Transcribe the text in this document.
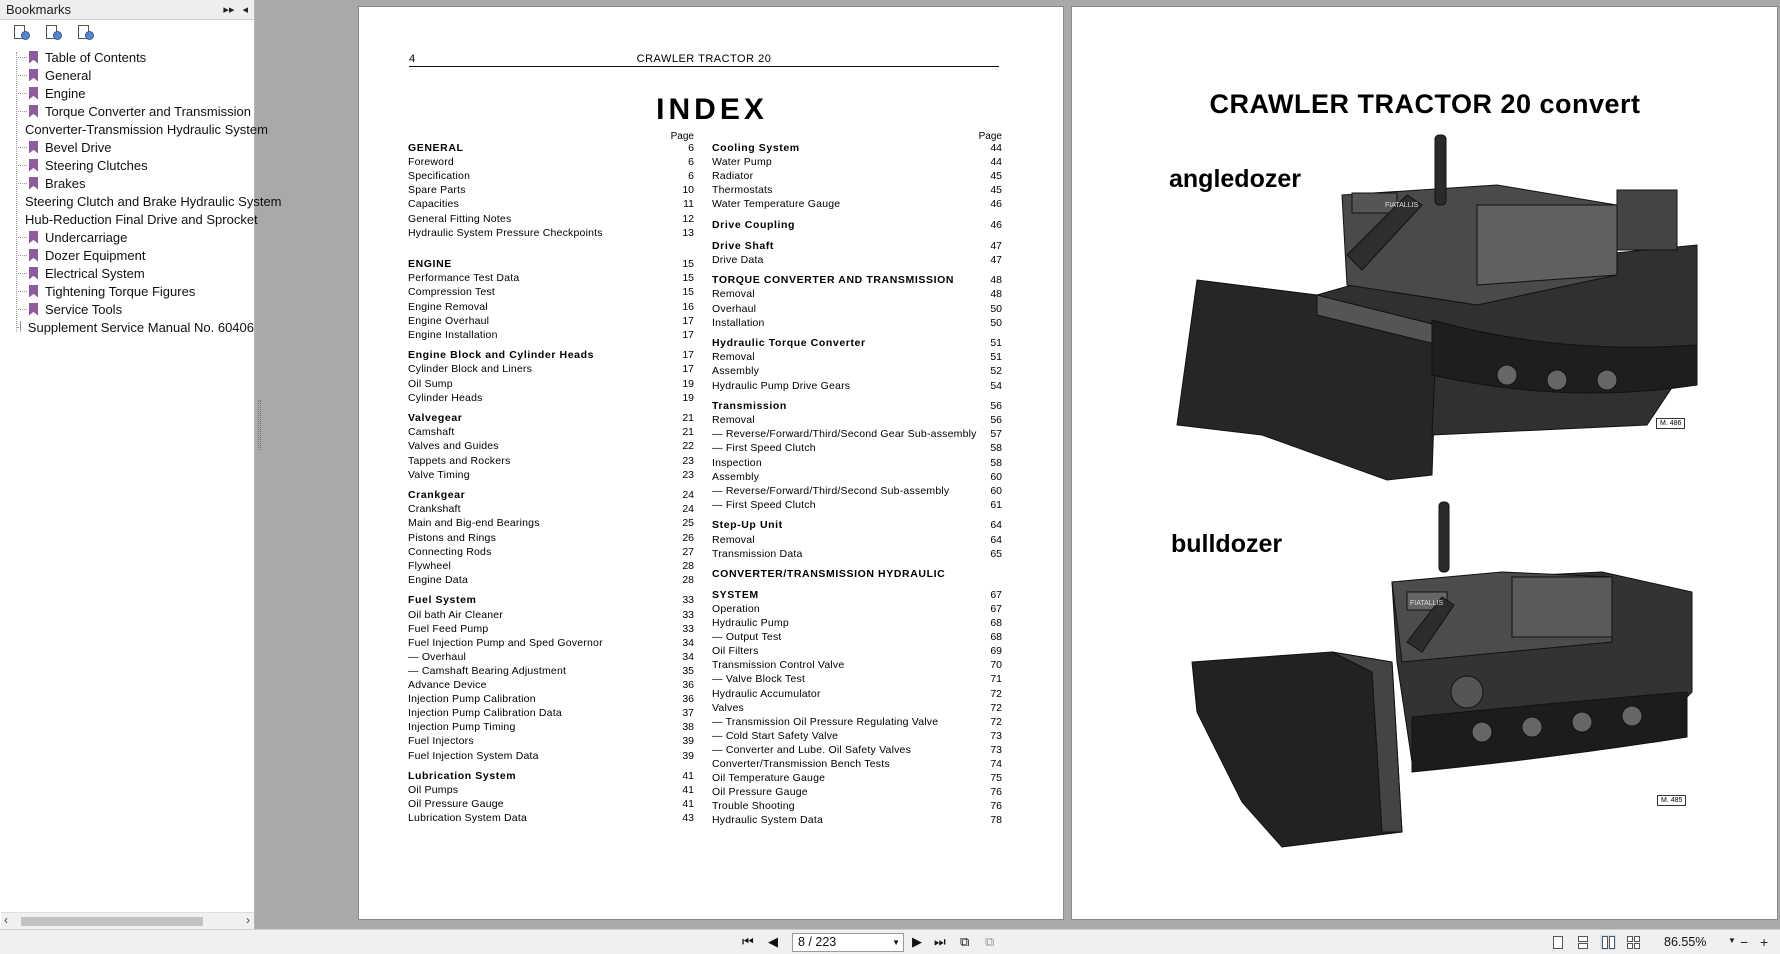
Bookmarks	▸▸ ◂
Table of Contents
General
Engine
Torque Converter and Transmission
Converter-Transmission Hydraulic System
Bevel Drive
Steering Clutches
Brakes
Steering Clutch and Brake Hydraulic System
Hub-Reduction Final Drive and Sprocket
Undercarriage
Dozer Equipment
Electrical System
Tightening Torque Figures
Service Tools
Supplement Service Manual No. 60406
‹	›
CRAWLER TRACTOR 20
4
INDEX
Page
GENERAL	6
Foreword	6
Specification	6
Spare Parts	10
Capacities	11
General Fitting Notes	12
Hydraulic System Pressure Checkpoints	13
ENGINE	15
Performance Test Data	15
Compression Test	15
Engine Removal	16
Engine Overhaul	17
Engine Installation	17
Engine Block and Cylinder Heads	17
Cylinder Block and Liners	17
Oil Sump	19
Cylinder Heads	19
Valvegear	21
Camshaft	21
Valves and Guides	22
Tappets and Rockers	23
Valve Timing	23
Crankgear	24
Crankshaft	24
Main and Big-end Bearings	25
Pistons and Rings	26
Connecting Rods	27
Flywheel	28
Engine Data	28
Fuel System	33
Oil bath Air Cleaner	33
Fuel Feed Pump	33
Fuel Injection Pump and Sped Governor	34
— Overhaul	34
— Camshaft Bearing Adjustment	35
Advance Device	36
Injection Pump Calibration	36
Injection Pump Calibration Data	37
Injection Pump Timing	38
Fuel Injectors	39
Fuel Injection System Data	39
Lubrication System	41
Oil Pumps	41
Oil Pressure Gauge	41
Lubrication System Data	43
Page
Cooling System	44
Water Pump	44
Radiator	45
Thermostats	45
Water Temperature Gauge	46
Drive Coupling	46
Drive Shaft	47
Drive Data	47
TORQUE CONVERTER AND TRANSMISSION	48
Removal	48
Overhaul	50
Installation	50
Hydraulic Torque Converter	51
Removal	51
Assembly	52
Hydraulic Pump Drive Gears	54
Transmission	56
Removal	56
— Reverse/Forward/Third/Second Gear Sub-assembly 57
— First Speed Clutch	58
Inspection	58
Assembly	60
— Reverse/Forward/Third/Second Sub-assembly	60
— First Speed Clutch	61
Step-Up Unit	64
Removal	64
Transmission Data	65
CONVERTER/TRANSMISSION HYDRAULIC
SYSTEM	67
Operation	67
Hydraulic Pump	68
— Output Test	68
Oil Filters	69
Transmission Control Valve	70
— Valve Block Test	71
Hydraulic Accumulator	72
Valves	72
— Transmission Oil Pressure Regulating Valve	72
— Cold Start Safety Valve	73
— Converter and Lube. Oil Safety Valves	73
Converter/Transmission Bench Tests	74
Oil Temperature Gauge	75
Oil Pressure Gauge	76
Trouble Shooting	76
Hydraulic System Data	78
CRAWLER TRACTOR 20 convert
angledozer
FIATALLIS
M. 486
bulldozer
FIATALLIS
M. 485
⏮ ◀	8 / 223	▼ ▶ ⏭ ⧉ ⧉	86.55%	▼ − +
